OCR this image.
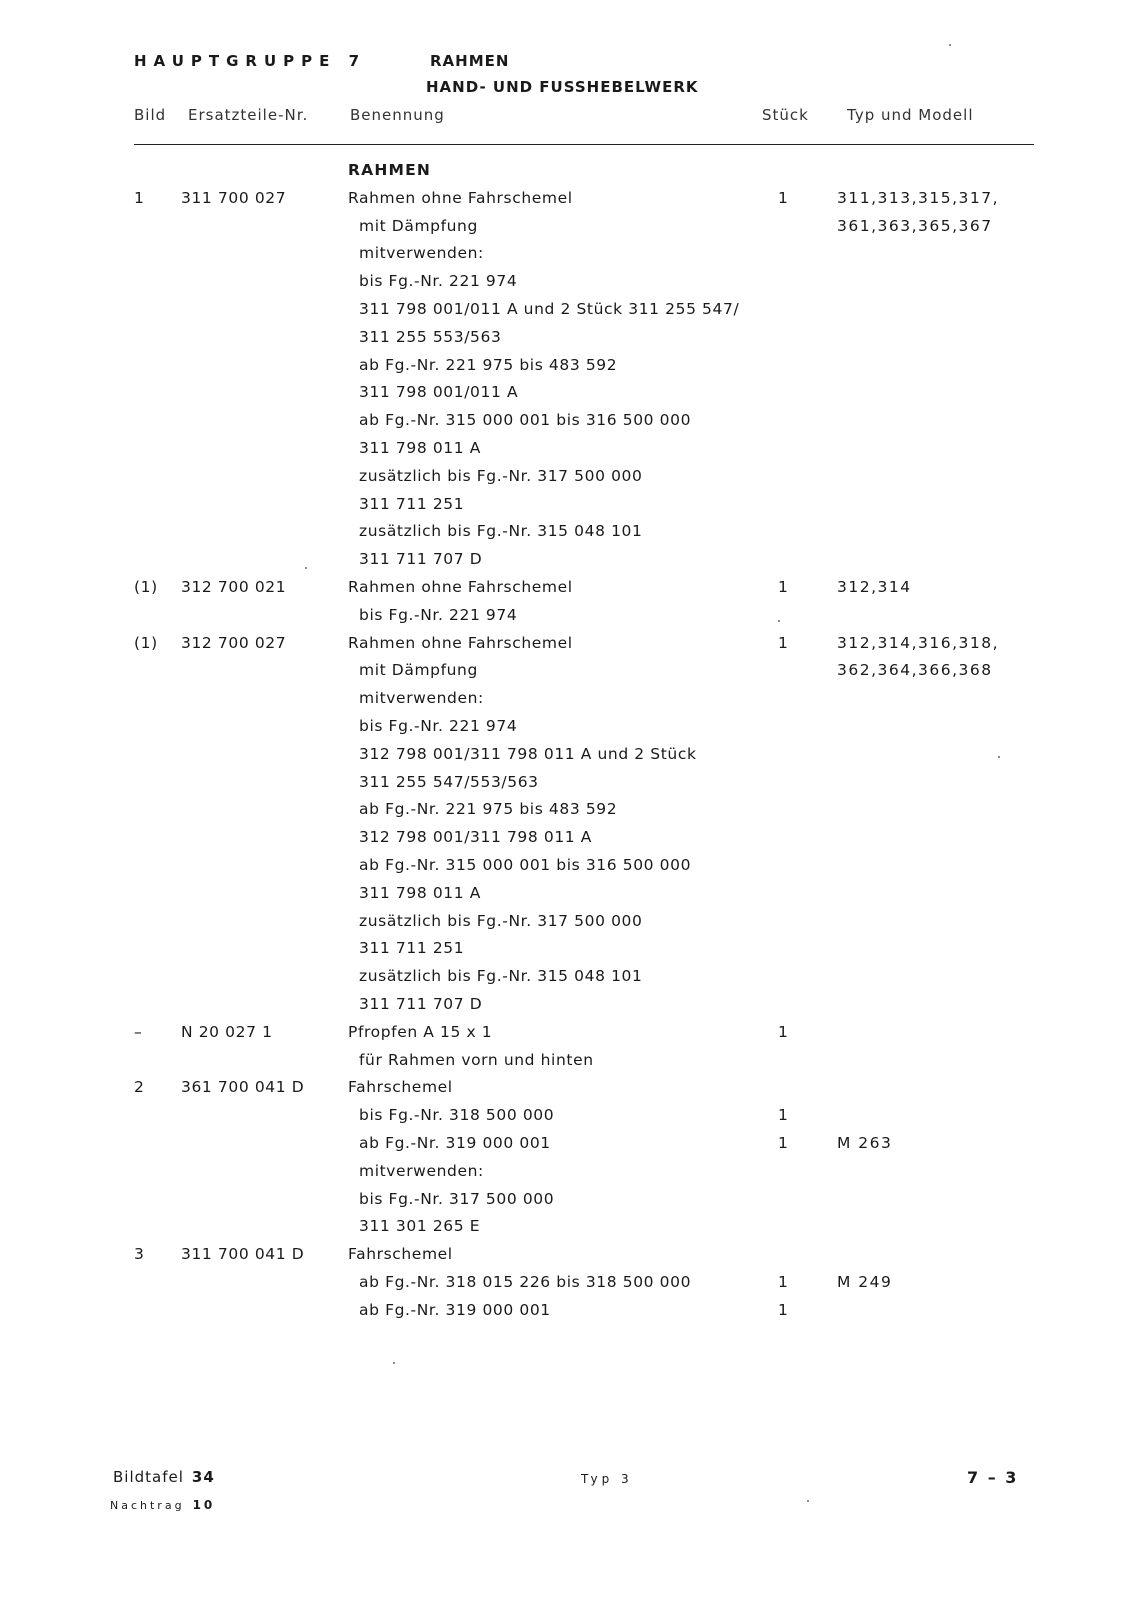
HAUPTGRUPPE 7	RAHMEN
HAND- UND FUSSHEBELWERK
Bild Ersatzteile-Nr.	Benennung	Stück	Typ und Modell
RAHMEN
1	311 700 027	Rahmen ohne Fahrschemel	1	311,313,315,317,
mit Dämpfung	361,363,365,367
mitverwenden:
bis Fg.-Nr. 221 974
311 798 001/011 A und 2 Stück 311 255 547/
311 255 553/563
ab Fg.-Nr. 221 975 bis 483 592
311 798 001/011 A
ab Fg.-Nr. 315 000 001 bis 316 500 000
311 798 011 A
zusätzlich bis Fg.-Nr. 317 500 000
311 711 251
zusätzlich bis Fg.-Nr. 315 048 101
311 711 707 D
(1)	312 700 021	Rahmen ohne Fahrschemel	1	312,314
bis Fg.-Nr. 221 974
(1)	312 700 027	Rahmen ohne Fahrschemel	1	312,314,316,318,
mit Dämpfung	362,364,366,368
mitverwenden:
bis Fg.-Nr. 221 974
312 798 001/311 798 011 A und 2 Stück
311 255 547/553/563
ab Fg.-Nr. 221 975 bis 483 592
312 798 001/311 798 011 A
ab Fg.-Nr. 315 000 001 bis 316 500 000
311 798 011 A
zusätzlich bis Fg.-Nr. 317 500 000
311 711 251
zusätzlich bis Fg.-Nr. 315 048 101
311 711 707 D
–	N 20 027 1	Pfropfen A 15 x 1	1
für Rahmen vorn und hinten
2	361 700 041 D	Fahrschemel
bis Fg.-Nr. 318 500 000	1
ab Fg.-Nr. 319 000 001	1	M 263
mitverwenden:
bis Fg.-Nr. 317 500 000
311 301 265 E
3	311 700 041 D	Fahrschemel
ab Fg.-Nr. 318 015 226 bis 318 500 000	1	M 249
ab Fg.-Nr. 319 000 001	1
Bildtafel 34
Nachtrag 10
Typ 3	7 – 3
